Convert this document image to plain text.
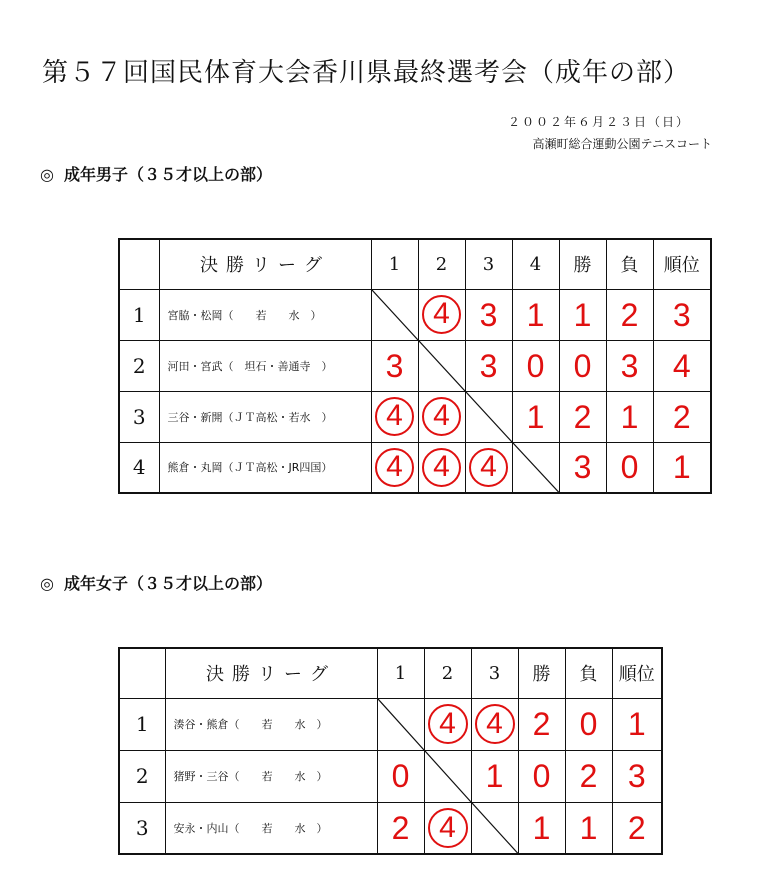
第５７回国民体育大会香川県最終選考会（成年の部）
２００２年６月２３日（日）
高瀬町総合運動公園テニスコート
◎ 成年男子（３５才以上の部）
	決勝リーグ	1	2	3	4	勝	負	順位
1	宮脇・松岡（　　若　　水　）		4	3	1	1	2	3
2	河田・宮武（　坦石・善通寺　）	3		3	0	0	3	4
3	三谷・新開（ＪＴ高松・若水　）	4	4		1	2	1	2
4	熊倉・丸岡（ＪＴ高松・JR四国）	4	4	4		3	0	1
◎ 成年女子（３５才以上の部）
	決勝リーグ	1	2	3	勝	負	順位
1	湊谷・熊倉（　　若　　水　）		4	4	2	0	1
2	猪野・三谷（　　若　　水　）	0		1	0	2	3
3	安永・内山（　　若　　水　）	2	4		1	1	2
